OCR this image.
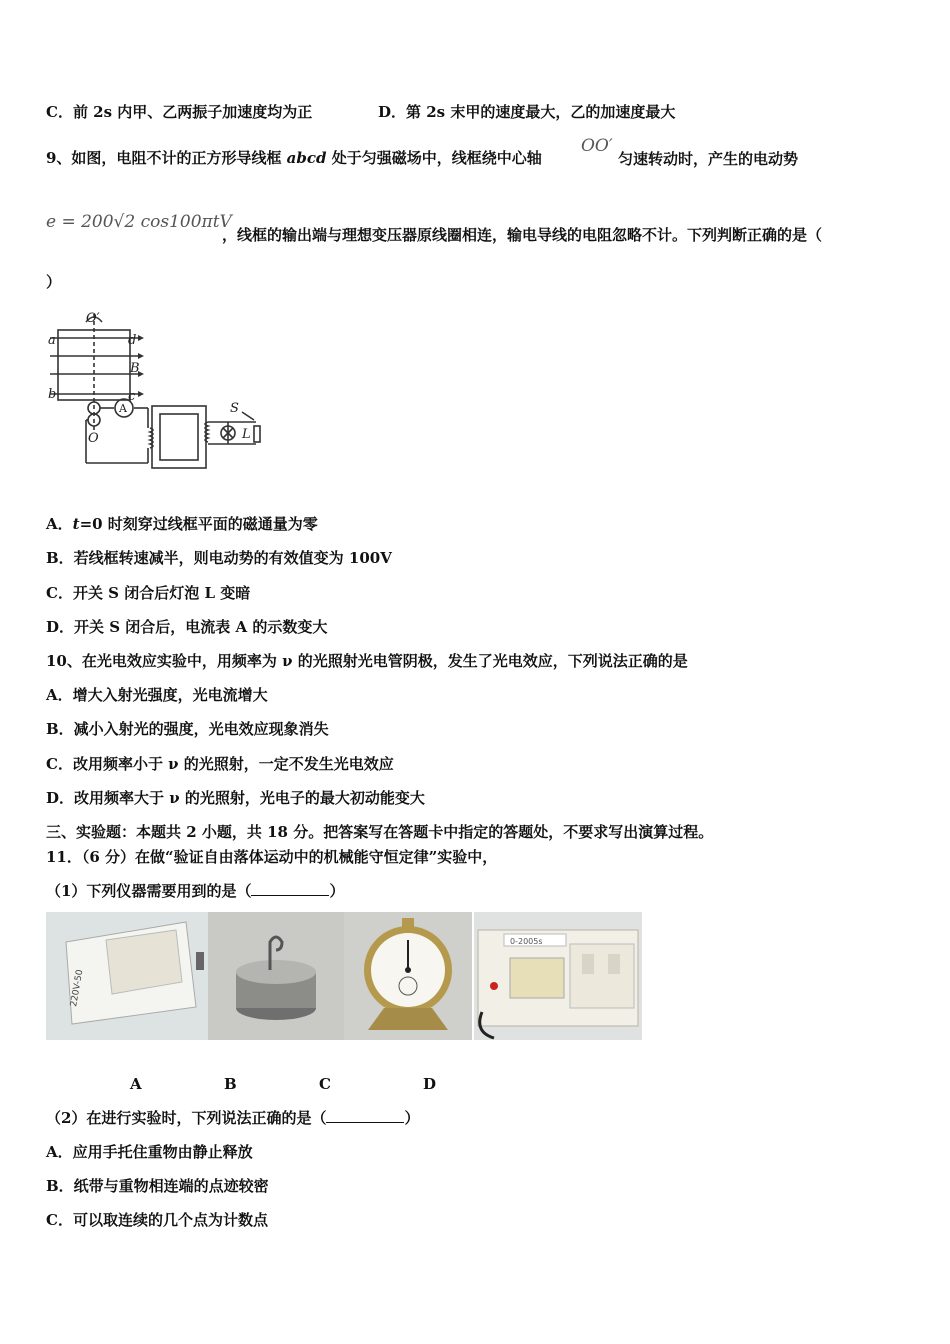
C．前 2s 内甲、乙两振子加速度均为正	D．第 2s 末甲的速度最大，乙的加速度最大
9、如图，电阻不计的正方形导线框 abcd 处于匀强磁场中，线框绕中心轴
OO′
匀速转动时，产生的电动势
e = 200√2 cos100πtV
，线框的输出端与理想变压器原线圈相连，输电导线的电阻忽略不计。下列判断正确的是（
）
O′
O
a	d
B
b	c
A	S
L
A．t=0 时刻穿过线框平面的磁通量为零
B．若线框转速减半，则电动势的有效值变为 100V
C．开关 S 闭合后灯泡 L 变暗
D．开关 S 闭合后，电流表 A 的示数变大
10、在光电效应实验中，用频率为 ν 的光照射光电管阴极，发生了光电效应，下列说法正确的是
A．增大入射光强度，光电流增大
B．减小入射光的强度，光电效应现象消失
C．改用频率小于 ν 的光照射，一定不发生光电效应
D．改用频率大于 ν 的光照射，光电子的最大初动能变大
三、实验题：本题共 2 小题，共 18 分。把答案写在答题卡中指定的答题处，不要求写出演算过程。
11．（6 分）在做“验证自由落体运动中的机械能守恒定律”实验中，
（1）下列仪器需要用到的是（	）
220V-50
0-2005s
A	B	C	D
（2）在进行实验时，下列说法正确的是（	）
A．应用手托住重物由静止释放
B．纸带与重物相连端的点迹较密
C．可以取连续的几个点为计数点
